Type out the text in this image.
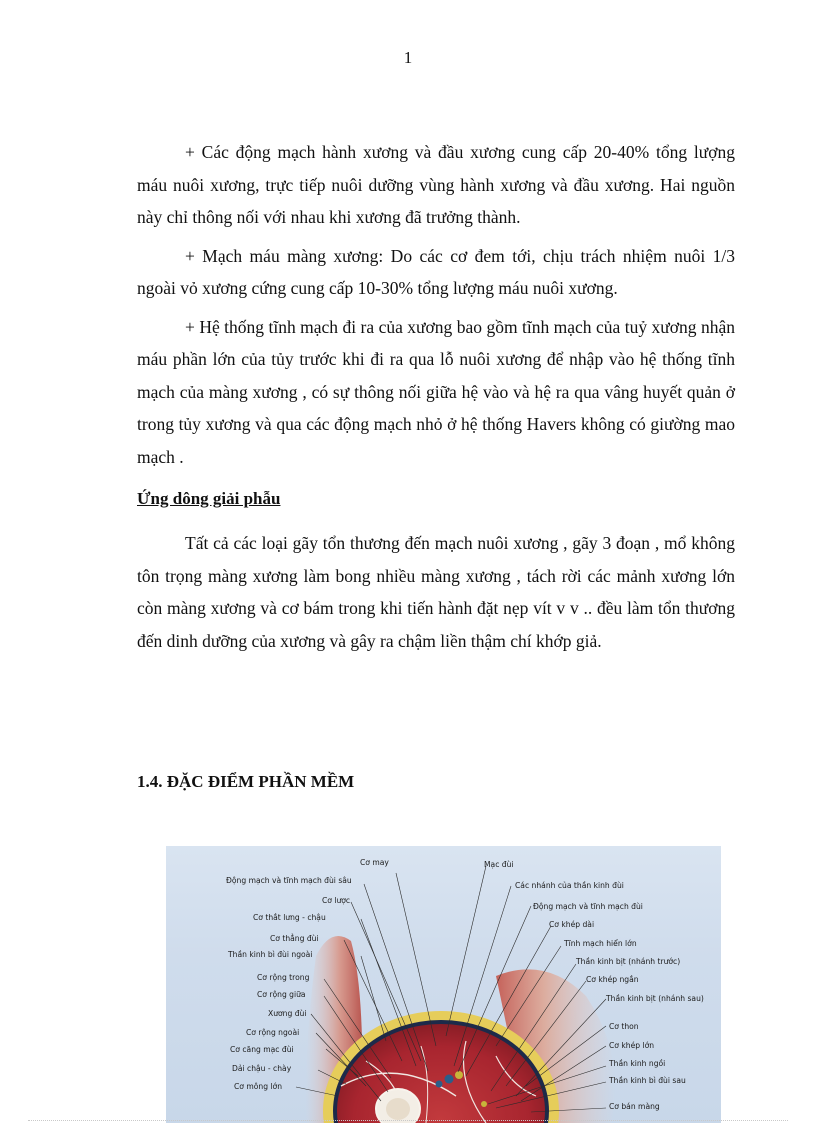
1

+ Các động mạch hành xương và đầu xương cung cấp 20-40% tổng lượng máu nuôi xương, trực tiếp nuôi dưỡng vùng hành xương và đầu xương. Hai nguồn này chỉ thông nối với nhau khi xương đã trưởng thành.

+ Mạch máu màng xương: Do các cơ đem tới, chịu trách nhiệm nuôi 1/3 ngoài vỏ xương cứng cung cấp 10-30% tổng lượng máu nuôi xương.

+ Hệ thống tĩnh mạch đi ra của xương bao gồm tĩnh mạch của tuỷ xương nhận máu phần lớn của tủy trước khi đi ra qua lỗ nuôi xương để nhập vào hệ thống tĩnh mạch của màng xương , có sự thông nối giữa hệ vào và hệ ra qua vâng huyết quản ở trong tủy xương và qua các động mạch nhỏ ở hệ thống Havers không có giường mao mạch .

Ứng dông giải phẫu

Tất cả các loại gãy tổn thương đến mạch nuôi xương , gãy 3 đoạn , mổ không tôn trọng màng xương làm bong nhiều màng xương , tách rời các mảnh xương lớn còn màng xương và cơ bám trong khi tiến hành đặt nẹp vít v v .. đều làm tổn thương đến dinh dưỡng của xương và gây ra chậm liền thậm chí khớp giả.

1.4. ĐẶC ĐIỂM PHẦN MỀM
Cơ may
Động mạch và tĩnh mạch đùi sâu
Cơ lược
Cơ thắt lưng - chậu
Cơ thẳng đùi
Thần kinh bì đùi ngoài
Cơ rộng trong
Cơ rộng giữa
Xương đùi
Cơ rộng ngoài
Cơ căng mạc đùi
Dải chậu - chày
Cơ mông lớn
Mạc đùi
Các nhánh của thần kinh đùi
Động mạch và tĩnh mạch đùi
Cơ khép dài
Tĩnh mạch hiển lớn
Thần kinh bịt (nhánh trước)
Cơ khép ngắn
Thần kinh bịt (nhánh sau)
Cơ thon
Cơ khép lớn
Thần kinh ngồi
Thần kinh bì đùi sau
Cơ bán màng
